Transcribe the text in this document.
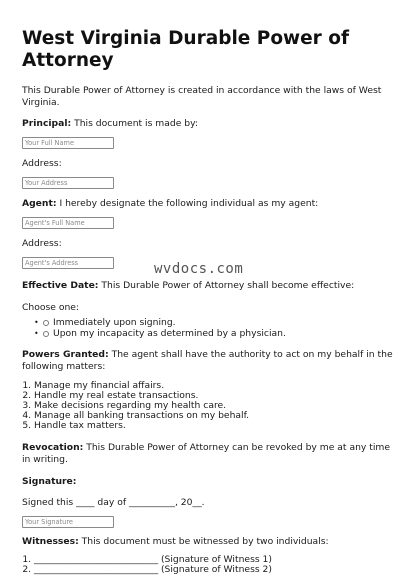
West Virginia Durable Power of Attorney

This Durable Power of Attorney is created in accordance with the laws of West Virginia.

Principal: This document is made by:

Your Full Name

Address:

Your Address

Agent: I hereby designate the following individual as my agent:

Agent's Full Name

Address:

Agent's Address

Effective Date: This Durable Power of Attorney shall become effective:

Choose one:

•	Immediately upon signing.
•	Upon my incapacity as determined by a physician.

Powers Granted: The agent shall have the authority to act on my behalf in the following matters:

1. Manage my financial affairs.
2. Handle my real estate transactions.
3. Make decisions regarding my health care.
4. Manage all banking transactions on my behalf.
5. Handle tax matters.

Revocation: This Durable Power of Attorney can be revoked by me at any time in writing.

Signature:

Signed this ____ day of __________, 20__.

Your Signature

Witnesses: This document must be witnessed by two individuals:

1. ___________________________ (Signature of Witness 1)
2. ___________________________ (Signature of Witness 2)
wvdocs.com
